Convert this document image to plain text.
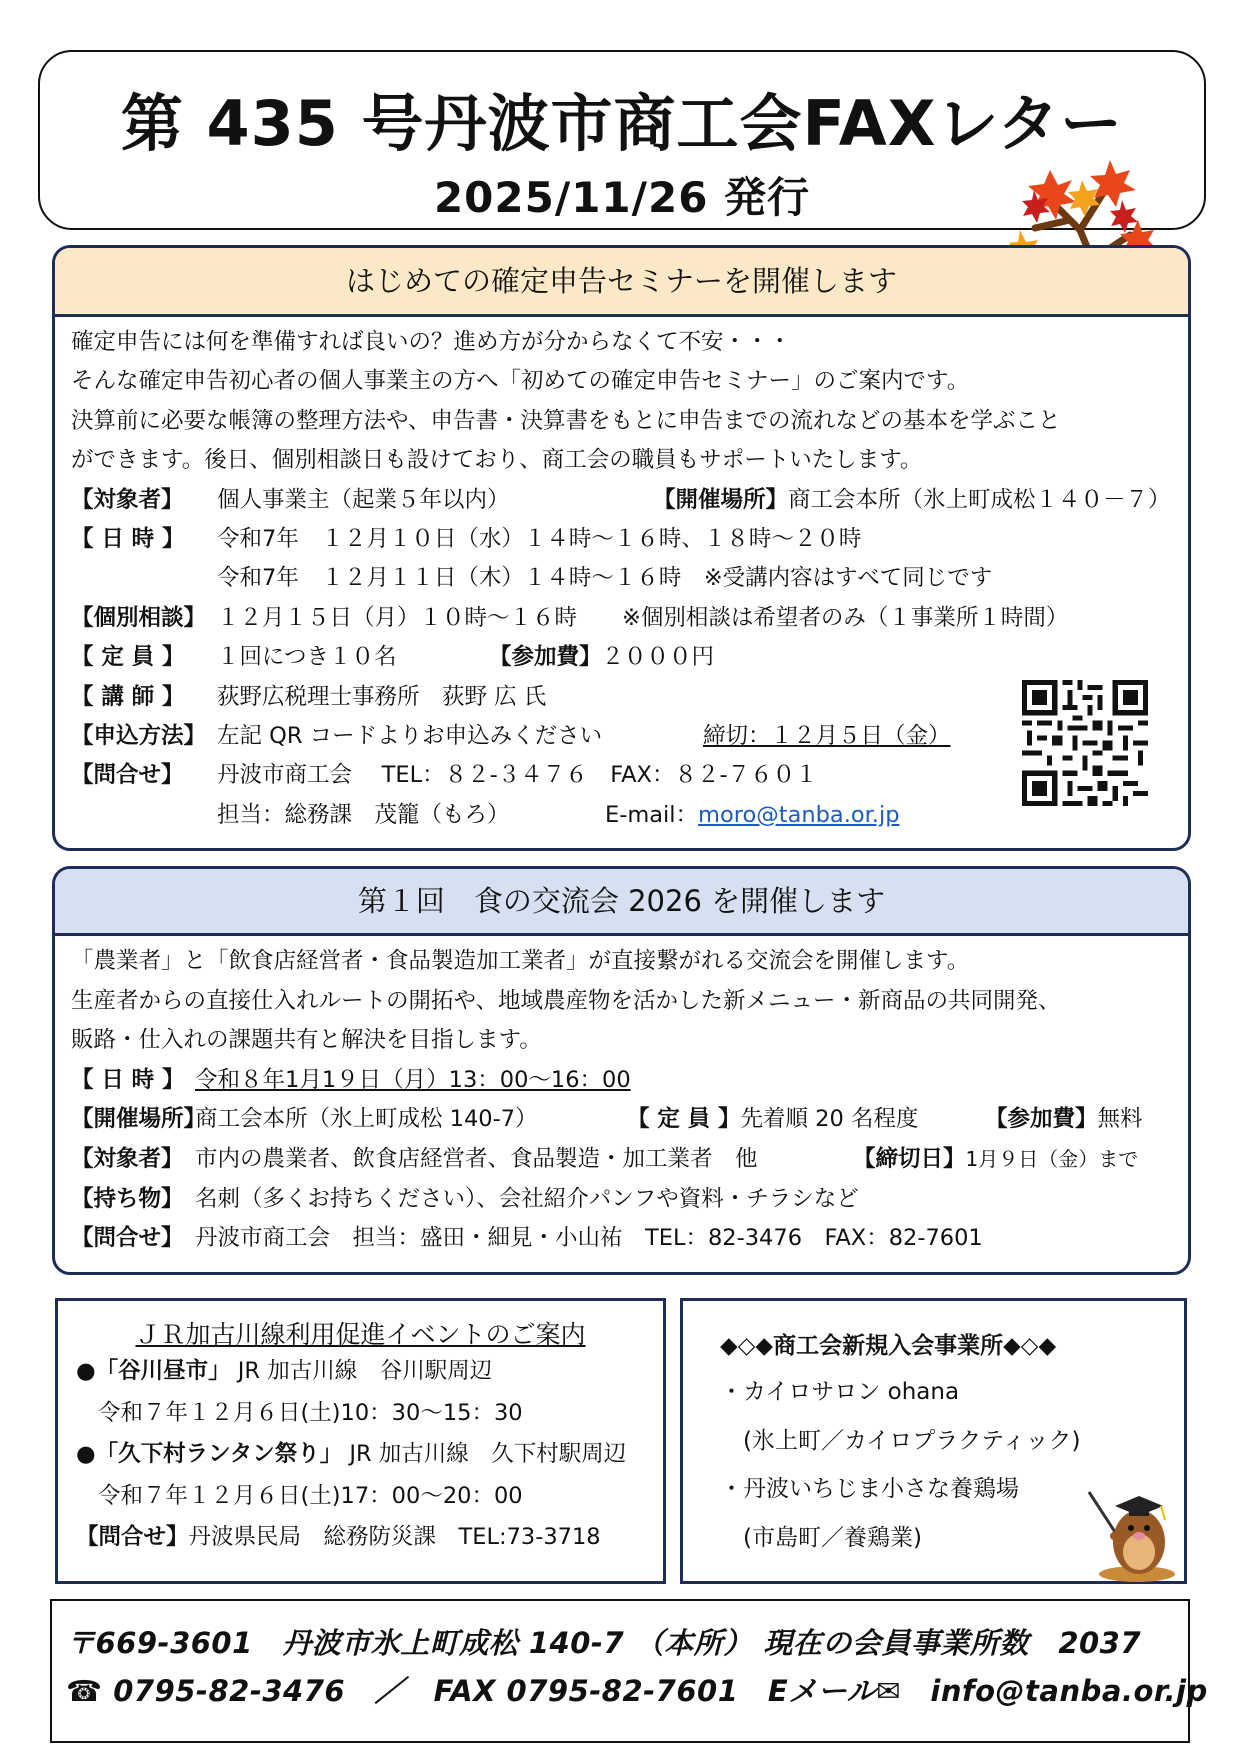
第 435 号丹波市商工会FAXレター
2025/11/26 発行
はじめての確定申告セミナーを開催します
確定申告には何を準備すれば良いの？進め方が分からなくて不安・・・
そんな確定申告初心者の個人事業主の方へ「初めての確定申告セミナー」のご案内です。
決算前に必要な帳簿の整理方法や、申告書・決算書をもとに申告までの流れなどの基本を学ぶこと
ができます。後日、個別相談日も設けており、商工会の職員もサポートいたします。
【対象者】 個人事業主（起業５年以内）	【開催場所】商工会本所（氷上町成松１４０－７）
【 日 時 】 令和7年　１２月１０日（水）１４時～１６時、１８時～２０時
令和7年　１２月１１日（木）１４時～１６時　※受講内容はすべて同じです
【個別相談】 １２月１５日（月）１０時～１６時　　※個別相談は希望者のみ（１事業所１時間）
【 定 員 】 １回につき１０名	【参加費】２０００円
【 講 師 】 荻野広税理士事務所　荻野 広 氏
【申込方法】 左記 QR コードよりお申込みください	締切：１２月５日（金）
【問合せ】 丹波市商工会　 TEL：８２-３４７６　FAX：８２-７６０１
担当：総務課　茂籠（もろ）	E-mail：moro@tanba.or.jp
第１回　食の交流会 2026 を開催します
「農業者」と「飲食店経営者・食品製造加工業者」が直接繋がれる交流会を開催します。
生産者からの直接仕入れルートの開拓や、地域農産物を活かした新メニュー・新商品の共同開発、
販路・仕入れの課題共有と解決を目指します。
【 日 時 】 令和８年1月1９日（月）13：00～16：00
【開催場所】商工会本所（氷上町成松 140-7）	【 定 員 】先着順 20 名程度	【参加費】無料
【対象者】 市内の農業者、飲食店経営者、食品製造・加工業者　他	【締切日】1月９日（金）まで
【持ち物】 名刺（多くお持ちください）、会社紹介パンフや資料・チラシなど
【問合せ】 丹波市商工会　担当：盛田・細見・小山祐　TEL：82-3476　FAX：82-7601
ＪＲ加古川線利用促進イベントのご案内
●「谷川昼市」 JR 加古川線　谷川駅周辺
令和７年１２月６日(土)10：30～15：30
●「久下村ランタン祭り」 JR 加古川線　久下村駅周辺
令和７年１２月６日(土)17：00～20：00
【問合せ】丹波県民局　総務防災課　TEL:73-3718
◆◇◆商工会新規入会事業所◆◇◆
・カイロサロン ohana
　(氷上町／カイロプラクティック)
・丹波いちじま小さな養鶏場
　(市島町／養鶏業)
〒669-3601　丹波市氷上町成松 140-7 （本所） 現在の会員事業所数　2037
☎ 0795-82-3476　／　FAX 0795-82-7601　Eメール✉　info@tanba.or.jp
